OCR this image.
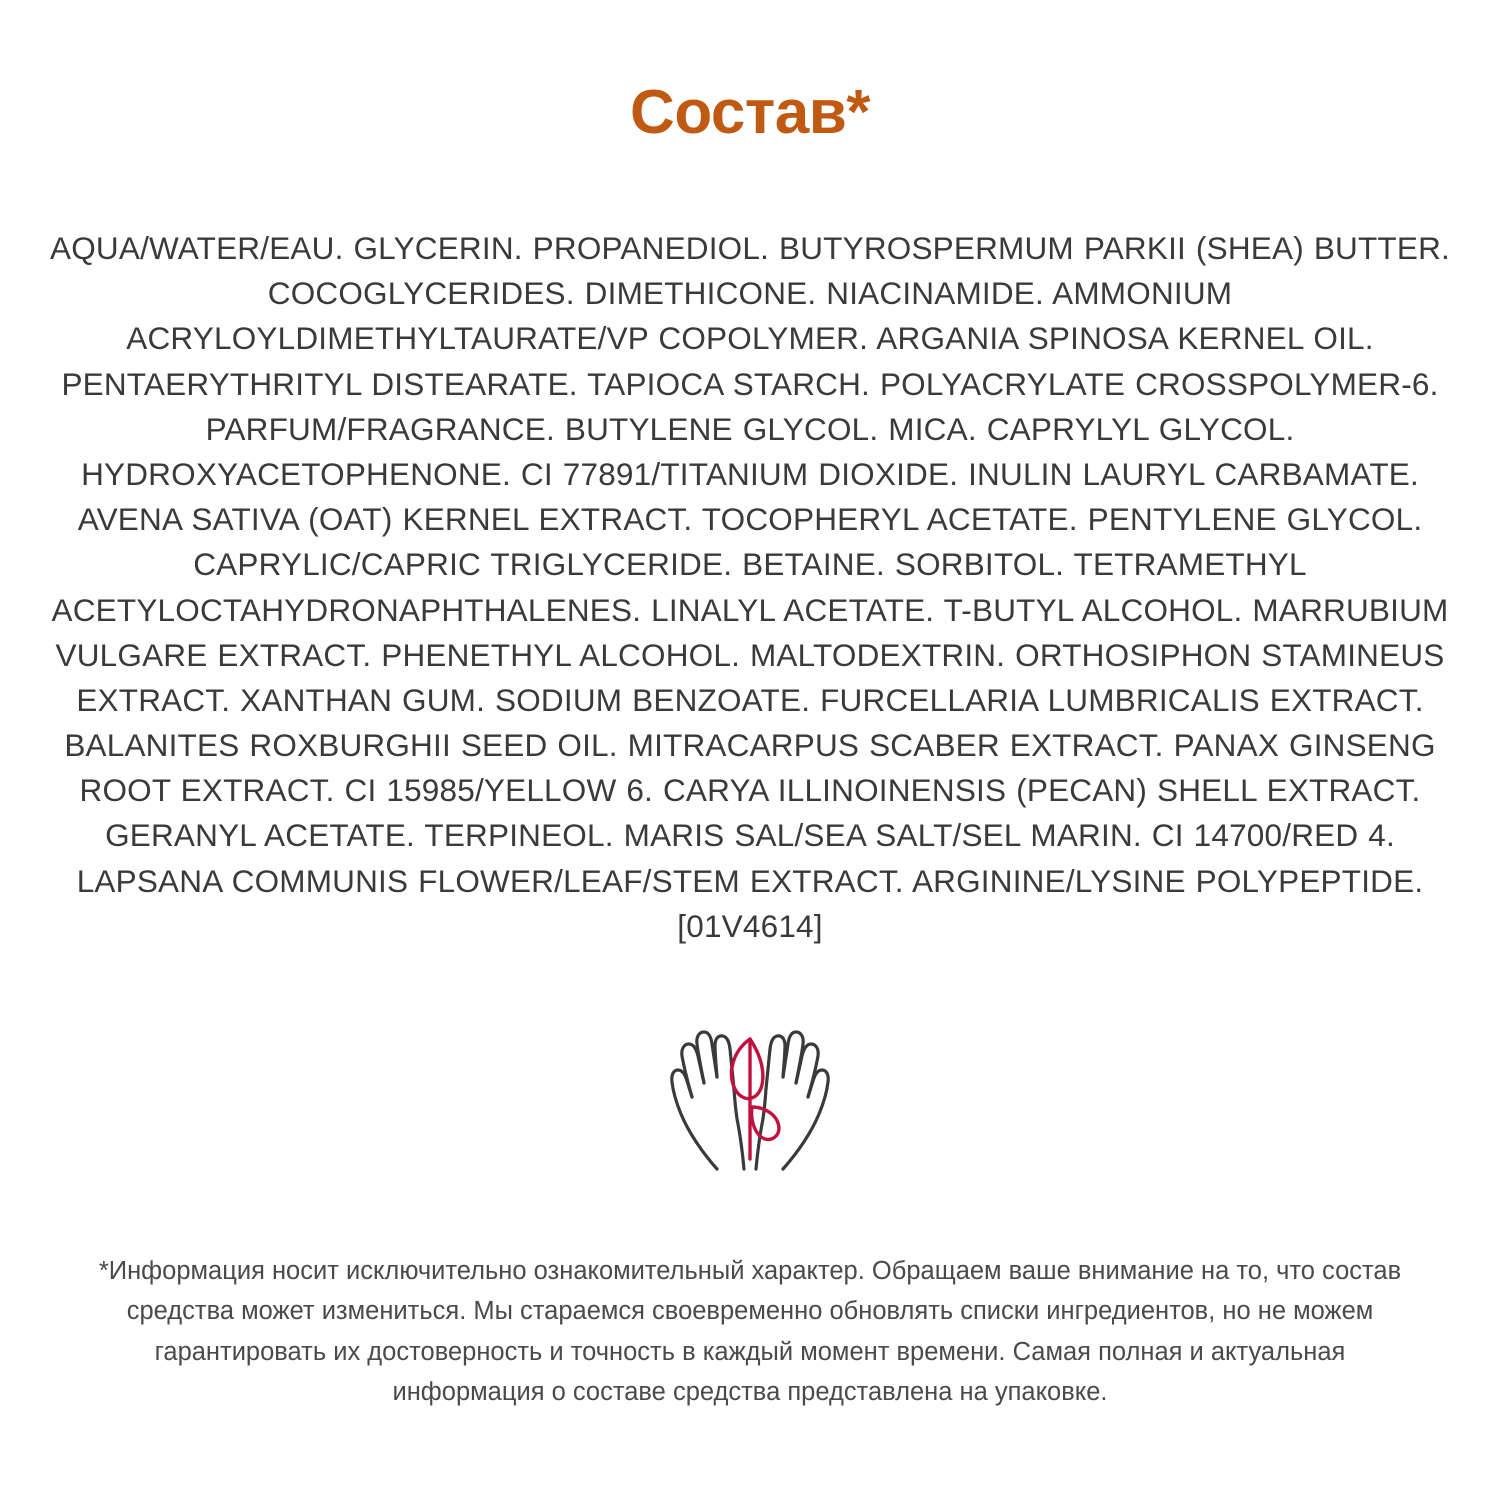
Состав*
AQUA/WATER/EAU. GLYCERIN. PROPANEDIOL. BUTYROSPERMUM PARKII (SHEA) BUTTER. COCOGLYCERIDES. DIMETHICONE. NIACINAMIDE. AMMONIUM ACRYLOYLDIMETHYLTAURATE/VP COPOLYMER. ARGANIA SPINOSA KERNEL OIL. PENTAERYTHRITYL DISTEARATE. TAPIOCA STARCH. POLYACRYLATE CROSSPOLYMER-6. PARFUM/FRAGRANCE. BUTYLENE GLYCOL. MICA. CAPRYLYL GLYCOL. HYDROXYACETOPHENONE. CI 77891/TITANIUM DIOXIDE. INULIN LAURYL CARBAMATE. AVENA SATIVA (OAT) KERNEL EXTRACT. TOCOPHERYL ACETATE. PENTYLENE GLYCOL. CAPRYLIC/CAPRIC TRIGLYCERIDE. BETAINE. SORBITOL. TETRAMETHYL ACETYLOCTAHYDRONAPHTHALENES. LINALYL ACETATE. T-BUTYL ALCOHOL. MARRUBIUM VULGARE EXTRACT. PHENETHYL ALCOHOL. MALTODEXTRIN. ORTHOSIPHON STAMINEUS EXTRACT. XANTHAN GUM. SODIUM BENZOATE. FURCELLARIA LUMBRICALIS EXTRACT. BALANITES ROXBURGHII SEED OIL. MITRACARPUS SCABER EXTRACT. PANAX GINSENG ROOT EXTRACT. CI 15985/YELLOW 6. CARYA ILLINOINENSIS (PECAN) SHELL EXTRACT. GERANYL ACETATE. TERPINEOL. MARIS SAL/SEA SALT/SEL MARIN. CI 14700/RED 4. LAPSANA COMMUNIS FLOWER/LEAF/STEM EXTRACT. ARGININE/LYSINE POLYPEPTIDE. [01V4614]
*Информация носит исключительно ознакомительный характер. Обращаем ваше внимание на то, что состав средства может измениться. Мы стараемся своевременно обновлять списки ингредиентов, но не можем гарантировать их достоверность и точность в каждый момент времени. Самая полная и актуальная информация о составе средства представлена на упаковке.
